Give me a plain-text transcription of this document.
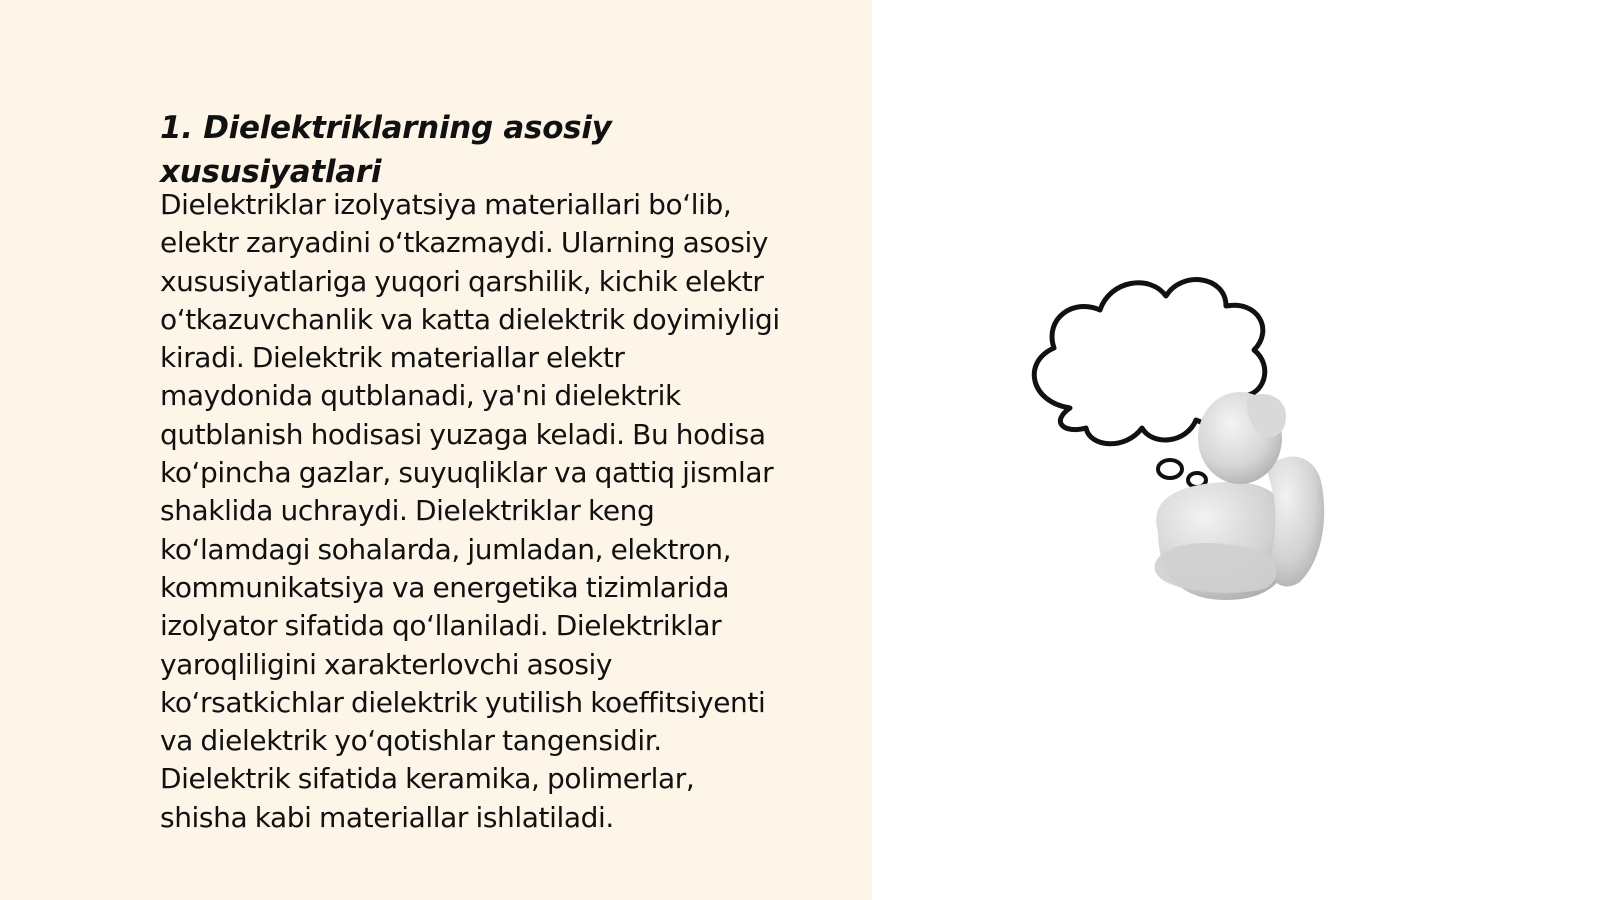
1. Dielektriklarning asosiy
xususiyatlari
Dielektriklar izolyatsiya materiallari bo‘lib,
elektr zaryadini o‘tkazmaydi. Ularning asosiy
xususiyatlariga yuqori qarshilik, kichik elektr
o‘tkazuvchanlik va katta dielektrik doyimiyligi
kiradi. Dielektrik materiallar elektr
maydonida qutblanadi, ya'ni dielektrik
qutblanish hodisasi yuzaga keladi. Bu hodisa
ko‘pincha gazlar, suyuqliklar va qattiq jismlar
shaklida uchraydi. Dielektriklar keng
ko‘lamdagi sohalarda, jumladan, elektron,
kommunikatsiya va energetika tizimlarida
izolyator sifatida qo‘llaniladi. Dielektriklar
yaroqliligini xarakterlovchi asosiy
ko‘rsatkichlar dielektrik yutilish koeffitsiyenti
va dielektrik yo‘qotishlar tangensidir.
Dielektrik sifatida keramika, polimerlar,
shisha kabi materiallar ishlatiladi.
